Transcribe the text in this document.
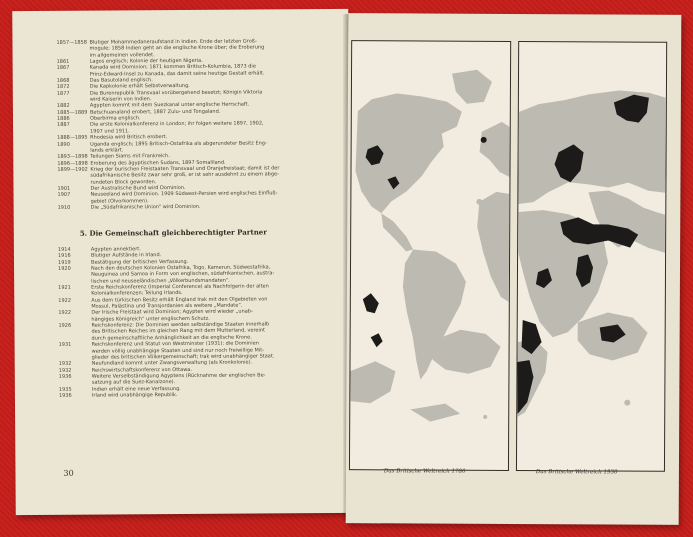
1857—1858 Blutiger Mohammedaneraufstand in Indien. Ende der letzten Groß-
mogule; 1858 Indien geht an die englische Krone über; die Eroberung
im allgemeinen vollendet.
1861	Lagos englisch; Kolonie der heutigen Nigeria.
1867	Kanada wird Dominion; 1871 kommen Britisch-Kolumbia, 1873 die
Prinz-Edward-Insel zu Kanada, das damit seine heutige Gestalt erhält.
1868	Das Basutoland englisch.
1872	Die Kapkolonie erhält Selbstverwaltung.
1877	Die Burenrepublik Transvaal vorübergehend besetzt; Königin Viktoria
wird Kaiserin von Indien.
1882	Ägypten kommt mit dem Suezkanal unter englische Herrschaft.
1885—1889 Betschuanaland erobert, 1887 Zulu- und Tongaland.
1886	Oberbirma englisch.
1887	Die erste Kolonialkonferenz in London; ihr folgen weitere 1897, 1902,
1907 und 1911.
1888—1895 Rhodesia wird Britisch erobert.
1890	Uganda englisch; 1895 Britisch-Ostafrika als abgerundeter Besitz Eng-
lands erklärt.
1893—1898 Teilungen Siams mit Frankreich.
1896—1898 Eroberung des ägyptischen Sudans, 1897 Somaliland.
1899—1902 Krieg der burischen Freistaaten Transvaal und Oranjefreistaat; damit ist der
südafrikanische Besitz zwar sehr groß, er ist sehr ausdehnt zu einem abge-
rundeten Block geworden.
1901	Der Australische Bund wird Dominion.
1907	Neuseeland wird Dominion. 1909 Südwest-Persien wird englisches Einfluß-
gebiet (Ölvorkommen).
1910	Die „Südafrikanische Union“ wird Dominion.
5. Die Gemeinschaft gleichberechtigter Partner
1914	Ägypten annektiert.
1916	Blutiger Aufstände in Irland.
1919	Bestätigung der britischen Verfassung.
1920	Nach den deutschen Kolonien Ostafrika, Togo, Kamerun, Südwestafrika,
Neuguinea und Samoa in Form von englischen, südafrikanischen, austra-
lischen und neuseeländischen „Völkerbundsmandaten“.
1921	Erste Reichskonferenz (Imperial Conference) als Nachfolgerin der alten
Kolonialkonferenzen; Teilung Irlands.
1922	Aus dem türkischen Besitz erhält England Irak mit den Ölgebieten von
Mossul, Palästina und Transjordanien als weitere „Mandate“.
1922	Der Irische Freistaat wird Dominion; Ägypten wird wieder „unab-
hängiges Königreich“ unter englischem Schutz.
1926	Reichskonferenz: Die Dominien werden selbständige Staaten innerhalb
des Britischen Reiches im gleichen Rang mit dem Mutterland, vereint
durch gemeinschaftliche Anhänglichkeit an die englische Krone.
1931	Reichskonferenz und Statut von Westminster (1931): die Dominien
werden völlig unabhängige Staaten und sind nur noch freiwillige Mit-
glieder des britischen Völkergemeinschaft; Irak wird unabhängiger Staat.
1932	Neufundland kommt unter Zwangsverwaltung (als Kronkolonie).
1932	Reichswirtschaftskonferenz von Ottawa.
1936	Weitere Verselbständigung Ägyptens (Rücknahme der englischen Be-
satzung auf die Suez-Kanalzone).
1935	Indien erhält eine neue Verfassung.
1936	Irland wird unabhängige Republik.
30	Das Britische Weltreich 1780	Das Britische Weltreich 1930
